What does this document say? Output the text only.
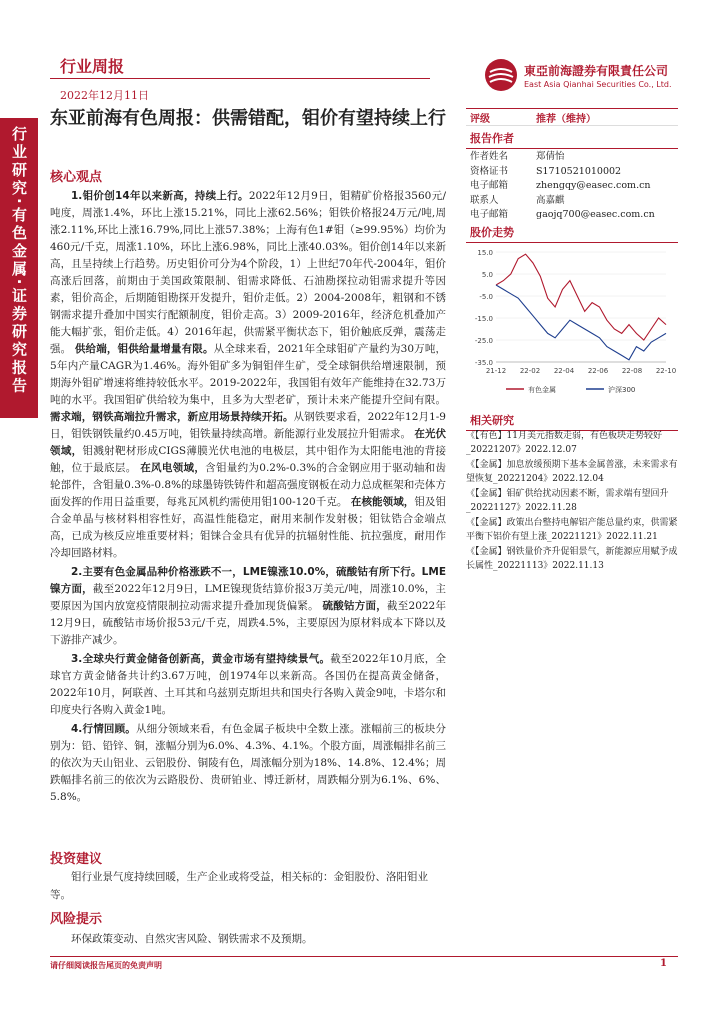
行业研究·有色金属·证券研究报告
行业周报
2022年12月11日
東亞前海證券有限責任公司
East Asia Qianhai Securities Co., Ltd.
东亚前海有色周报：供需错配，钼价有望持续上行
核心观点

1.钼价创14年以来新高，持续上行。2022年12月9日，钼精矿价格报3560元/吨度，周涨1.4%，环比上涨15.21%，同比上涨62.56%；钼铁价格报24万元/吨,周涨2.11%,环比上涨16.79%,同比上涨57.38%；上海有色1#钼（≥99.95%）均价为460元/千克，周涨1.10%，环比上涨6.98%，同比上涨40.03%。钼价创14年以来新高，且呈持续上行趋势。历史钼价可分为4个阶段，1）上世纪70年代-2004年，钼价高涨后回落，前期由于美国政策限制、钼需求降低、石油勘探拉动钼需求提升等因素，钼价高企，后期随钼勘探开发提升，钼价走低。2）2004-2008年，粗钢和不锈钢需求提升叠加中国实行配额制度，钼价走高。3）2009-2016年，经济危机叠加产能大幅扩张，钼价走低。4）2016年起，供需紧平衡状态下，钼价触底反弹，震荡走强。 供给端，钼供给量增量有限。从全球来看，2021年全球钼矿产量约为30万吨，5年内产量CAGR为1.46%。海外钼矿多为铜钼伴生矿，受全球铜供给增速限制，预期海外钼矿增速将维持较低水平。2019-2022年，我国钼有效年产能维持在32.73万吨的水平。我国钼矿供给较为集中，且多为大型老矿，预计未来产能提升空间有限。 需求端，钢铁高端拉升需求，新应用场景持续开拓。从钢铁要求看，2022年12月1-9日，钼铁钢铁量约0.45万吨，钼铁量持续高增。新能源行业发展拉升钼需求。 在光伏领域，钼溅射靶材形成CIGS薄膜光伏电池的电极层，其中钼作为太阳能电池的背接触，位于最底层。 在风电领域，含钼量约为0.2%-0.3%的合金钢应用于驱动轴和齿轮部件，含钼量0.3%-0.8%的球墨铸铁铸件和超高强度钢板在动力总成框架和壳体方面发挥的作用日益重要，每兆瓦风机约需使用钼100-120千克。 在核能领域，钼及钼合金单晶与核材料相容性好，高温性能稳定，耐用来制作发射极；钼钛锆合金端点高，已成为核反应堆重要材料；钼铼合金具有优异的抗辐射性能、抗拉强度，耐用作冷却回路材料。

2.主要有色金属品种价格涨跌不一，LME镍涨10.0%，硫酸钴有所下行。LME镍方面，截至2022年12月9日，LME镍现货结算价报3万美元/吨，周涨10.0%，主要原因为国内放宽疫情限制拉动需求提升叠加现货偏紧。 硫酸钴方面，截至2022年12月9日，硫酸钴市场价报53元/千克，周跌4.5%，主要原因为原材料成本下降以及下游排产减少。

3.全球央行黄金储备创新高，黄金市场有望持续景气。截至2022年10月底，全球官方黄金储备共计约3.67万吨，创1974年以来新高。各国仍在提高黄金储备，2022年10月，阿联酋、土耳其和乌兹别克斯坦共和国央行各购入黄金9吨，卡塔尔和印度央行各购入黄金1吨。

4.行情回顾。从细分领域来看，有色金属子板块中全数上涨。涨幅前三的板块分别为：铅、铅锌、铜，涨幅分别为6.0%、4.3%、4.1%。个股方面，周涨幅排名前三的依次为天山铝业、云铝股份、铜陵有色，周涨幅分别为18%、14.8%、12.4%；周跌幅排名前三的依次为云路股份、贵研铂业、博迁新材，周跌幅分别为6.1%、6%、5.8%。

投资建议

钼行业景气度持续回暖，生产企业或将受益，相关标的：金钼股份、洛阳钼业等。

风险提示

环保政策变动、自然灾害风险、钢铁需求不及预期。

评级	推荐（维持）
报告作者
作者姓名	郑倩怡
资格证书	S1710521010002
电子邮箱	zhengqy@easec.com.cn
联系人	高嘉麒
电子邮箱	gaojq700@easec.com.cn
股价走势
15.0
5.0
-5.0
-15.0
-25.0
-35.0
21-12 22-02 22-04 22-06 22-08 22-10
有色金属	沪深300
相关研究

《【有色】11月美元指数走弱，有色板块走势较好_20221207》2022.12.07

《【金属】加息放缓预期下基本金属普涨，未来需求有望恢复_20221204》2022.12.04

《【金属】钼矿供给扰动因素不断，需求端有望回升_20221127》2022.11.28

《【金属】政策出台整持电解铝产能总量约束，供需紧平衡下铝价有望上涨_20221121》2022.11.21

《【金属】钢铁量价齐升促钼景气，新能源应用赋予成长属性_20221113》2022.11.13

请仔细阅读报告尾页的免责声明	1
